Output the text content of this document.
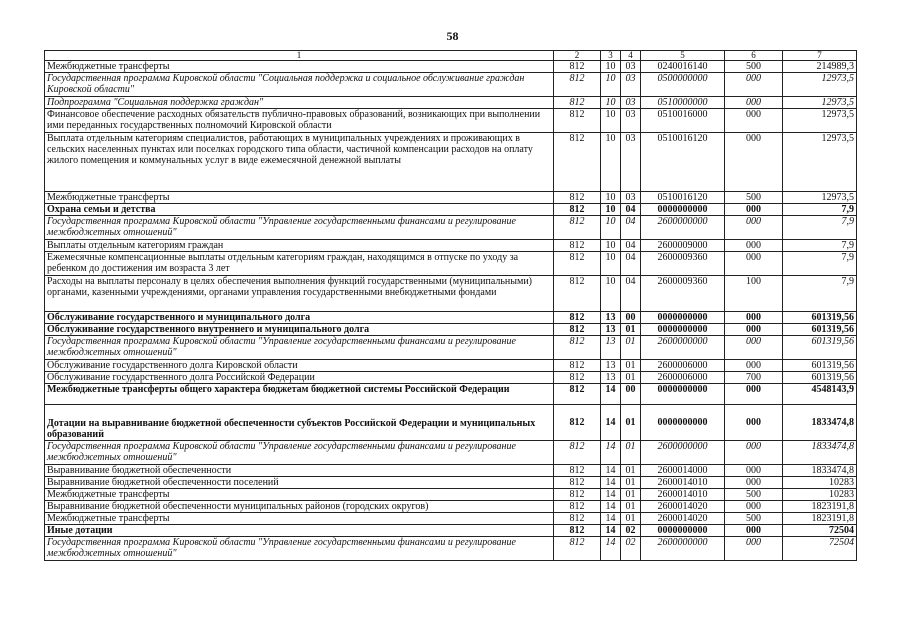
58
1	2	3	4	5	6	7
Межбюджетные трансферты	812	10	03	0240016140	500	214989,3
Государственная программа Кировской области "Социальная поддержка и социальное обслуживание граждан Кировской области"	812	10	03	0500000000	000	12973,5
Подпрограмма "Социальная поддержка граждан"	812	10	03	0510000000	000	12973,5
Финансовое обеспечение расходных обязательств публично-правовых образований, возникающих при выполнении ими переданных государственных полномочий Кировской области	812	10	03	0510016000	000	12973,5
Выплата отдельным категориям специалистов, работающих в муниципальных учреждениях и проживающих в сельских населенных пунктах или поселках городского типа области, частичной компенсации расходов на оплату жилого помещения и коммунальных услуг в виде ежемесячной денежной выплаты	812	10	03	0510016120	000	12973,5
Межбюджетные трансферты	812	10	03	0510016120	500	12973,5
Охрана семьи и детства	812	10	04	0000000000	000	7,9
Государственная программа Кировской области "Управление государственными финансами и регулирование межбюджетных отношений"	812	10	04	2600000000	000	7,9
Выплаты отдельным категориям граждан	812	10	04	2600009000	000	7,9
Ежемесячные компенсационные выплаты отдельным категориям граждан, находящимся в отпуске по уходу за ребенком до достижения им возраста 3 лет	812	10	04	2600009360	000	7,9
Расходы на выплаты персоналу в целях обеспечения выполнения функций государственными (муниципальными) органами, казенными учреждениями, органами управления государственными внебюджетными фондами	812	10	04	2600009360	100	7,9
Обслуживание государственного и муниципального долга	812	13	00	0000000000	000	601319,56
Обслуживание государственного внутреннего и муниципального долга	812	13	01	0000000000	000	601319,56
Государственная программа Кировской области "Управление государственными финансами и регулирование межбюджетных отношений"	812	13	01	2600000000	000	601319,56
Обслуживание государственного долга Кировской области	812	13	01	2600006000	000	601319,56
Обслуживание государственного долга Российской Федерации	812	13	01	2600006000	700	601319,56
Межбюджетные трансферты общего характера бюджетам бюджетной системы Российской Федерации	812	14	00	0000000000	000	4548143,9
Дотации на выравнивание бюджетной обеспеченности субъектов Российской Федерации и муниципальных образований	812	14	01	0000000000	000	1833474,8
Государственная программа Кировской области "Управление государственными финансами и регулирование межбюджетных отношений"	812	14	01	2600000000	000	1833474,8
Выравнивание бюджетной обеспеченности	812	14	01	2600014000	000	1833474,8
Выравнивание бюджетной обеспеченности поселений	812	14	01	2600014010	000	10283
Межбюджетные трансферты	812	14	01	2600014010	500	10283
Выравнивание бюджетной обеспеченности муниципальных районов (городских округов)	812	14	01	2600014020	000	1823191,8
Межбюджетные трансферты	812	14	01	2600014020	500	1823191,8
Иные дотации	812	14	02	0000000000	000	72504
Государственная программа Кировской области "Управление государственными финансами и регулирование межбюджетных отношений"	812	14	02	2600000000	000	72504
